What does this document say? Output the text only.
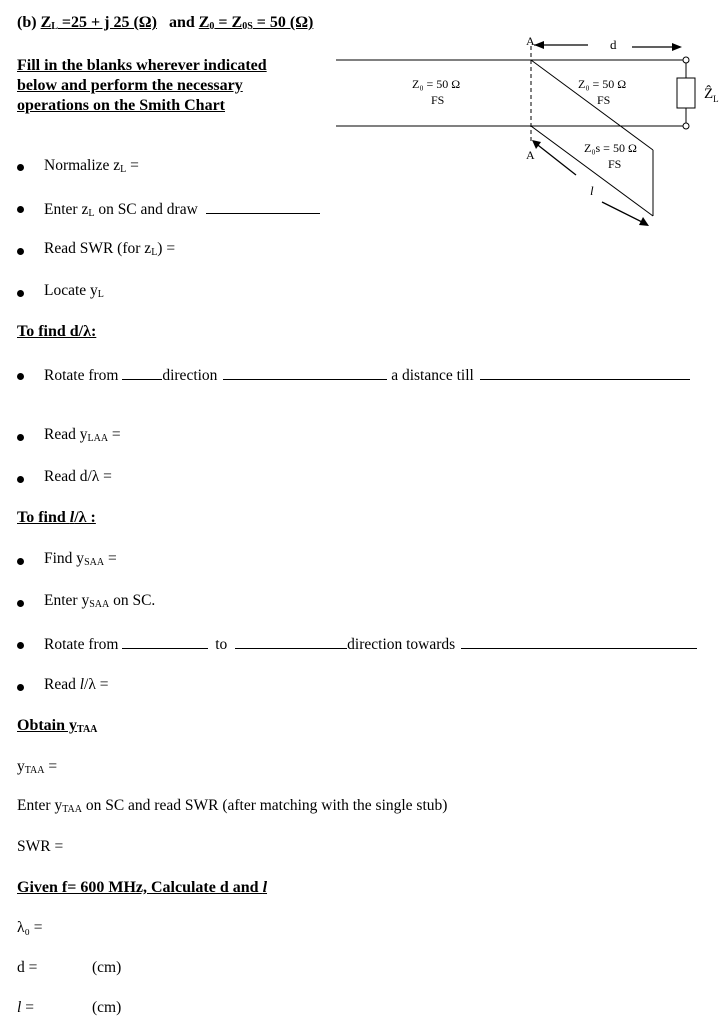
(b) $Z_L =25 + j$ 25 (Ω) and $Z_0 = Z_{0S} = 50$ (Ω)
Fill in the blanks wherever indicated
below and perform the necessary
operations on the Smith Chart
A
A
d
Ẑ$_L$
Z₀ = 50 Ω
FS
Z₀ = 50 Ω
FS
Z₀s = 50 Ω
FS
l
Normalize $z_L$ =
Enter $z_L$ on SC and draw
Read SWR (for $z_L$) =
Locate $y_L$
To find d/λ:
Rotate from	direction	a distance till
Read $y_{LAA}$ =
Read d/λ =
To find l/λ :
Find $y_{SAA}$ =
Enter $y_{SAA}$ on SC.
Rotate from	to	direction towards
Read l/λ =
Obtain $y_{TAA}$
$y_{TAA}$ =
Enter $y_{TAA}$ on SC and read SWR (after matching with the single stub)
SWR =
Given f= 600 MHz, Calculate d and l
λ₀ =
d =	(cm)
l =	(cm)
